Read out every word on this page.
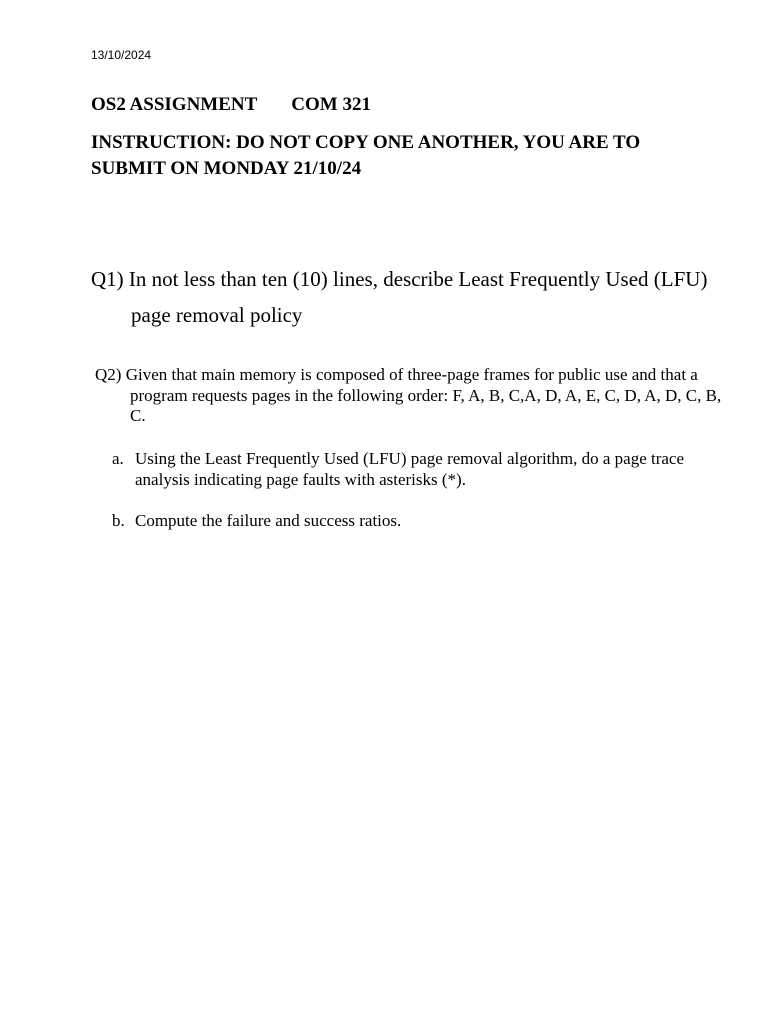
13/10/2024
OS2 ASSIGNMENT COM 321
INSTRUCTION: DO NOT COPY ONE ANOTHER, YOU ARE TO SUBMIT ON MONDAY 21/10/24
Q1) In not less than ten (10) lines, describe Least Frequently Used (LFU) page removal policy
Q2) Given that main memory is composed of three-page frames for public use and that a program requests pages in the following order: F, A, B, C,A, D, A, E, C, D, A, D, C, B, C.
a. Using the Least Frequently Used (LFU) page removal algorithm, do a page trace analysis indicating page faults with asterisks (*).
b. Compute the failure and success ratios.
